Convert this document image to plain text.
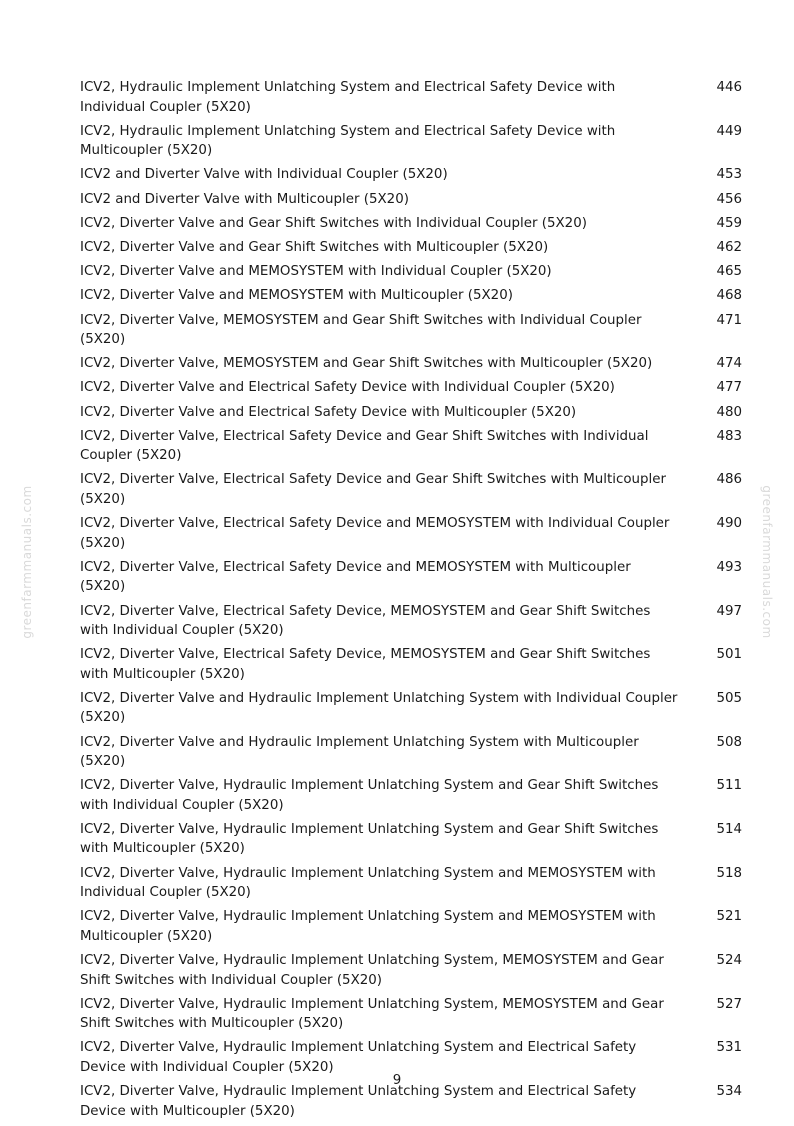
greenfarmmanuals.com	greenfarmmanuals.com
ICV2, Hydraulic Implement Unlatching System and Electrical Safety Device with Individual Coupler (5X20)
446
ICV2, Hydraulic Implement Unlatching System and Electrical Safety Device with Multicoupler (5X20)
449
ICV2 and Diverter Valve with Individual Coupler (5X20)	453
ICV2 and Diverter Valve with Multicoupler (5X20)	456
ICV2, Diverter Valve and Gear Shift Switches with Individual Coupler (5X20)	459
ICV2, Diverter Valve and Gear Shift Switches with Multicoupler (5X20)	462
ICV2, Diverter Valve and MEMOSYSTEM with Individual Coupler (5X20)	465
ICV2, Diverter Valve and MEMOSYSTEM with Multicoupler (5X20)	468
ICV2, Diverter Valve, MEMOSYSTEM and Gear Shift Switches with Individual Coupler (5X20)
471
ICV2, Diverter Valve, MEMOSYSTEM and Gear Shift Switches with Multicoupler (5X20)	474
ICV2, Diverter Valve and Electrical Safety Device with Individual Coupler (5X20)	477
ICV2, Diverter Valve and Electrical Safety Device with Multicoupler (5X20)	480
ICV2, Diverter Valve, Electrical Safety Device and Gear Shift Switches with Individual Coupler (5X20)
483
ICV2, Diverter Valve, Electrical Safety Device and Gear Shift Switches with Multicoupler (5X20)
486
ICV2, Diverter Valve, Electrical Safety Device and MEMOSYSTEM with Individual Coupler (5X20)
490
ICV2, Diverter Valve, Electrical Safety Device and MEMOSYSTEM with Multicoupler (5X20)
493
ICV2, Diverter Valve, Electrical Safety Device, MEMOSYSTEM and Gear Shift Switches with Individual Coupler (5X20)
497
ICV2, Diverter Valve, Electrical Safety Device, MEMOSYSTEM and Gear Shift Switches with Multicoupler (5X20)
501
ICV2, Diverter Valve and Hydraulic Implement Unlatching System with Individual Coupler (5X20)
505
ICV2, Diverter Valve and Hydraulic Implement Unlatching System with Multicoupler (5X20)
508
ICV2, Diverter Valve, Hydraulic Implement Unlatching System and Gear Shift Switches with Individual Coupler (5X20)
511
ICV2, Diverter Valve, Hydraulic Implement Unlatching System and Gear Shift Switches with Multicoupler (5X20)
514
ICV2, Diverter Valve, Hydraulic Implement Unlatching System and MEMOSYSTEM with Individual Coupler (5X20)
518
ICV2, Diverter Valve, Hydraulic Implement Unlatching System and MEMOSYSTEM with Multicoupler (5X20)
521
ICV2, Diverter Valve, Hydraulic Implement Unlatching System, MEMOSYSTEM and Gear Shift Switches with Individual Coupler (5X20)
524
ICV2, Diverter Valve, Hydraulic Implement Unlatching System, MEMOSYSTEM and Gear Shift Switches with Multicoupler (5X20)
527
ICV2, Diverter Valve, Hydraulic Implement Unlatching System and Electrical Safety Device with Individual Coupler (5X20)
531
ICV2, Diverter Valve, Hydraulic Implement Unlatching System and Electrical Safety Device with Multicoupler (5X20)
534
9
